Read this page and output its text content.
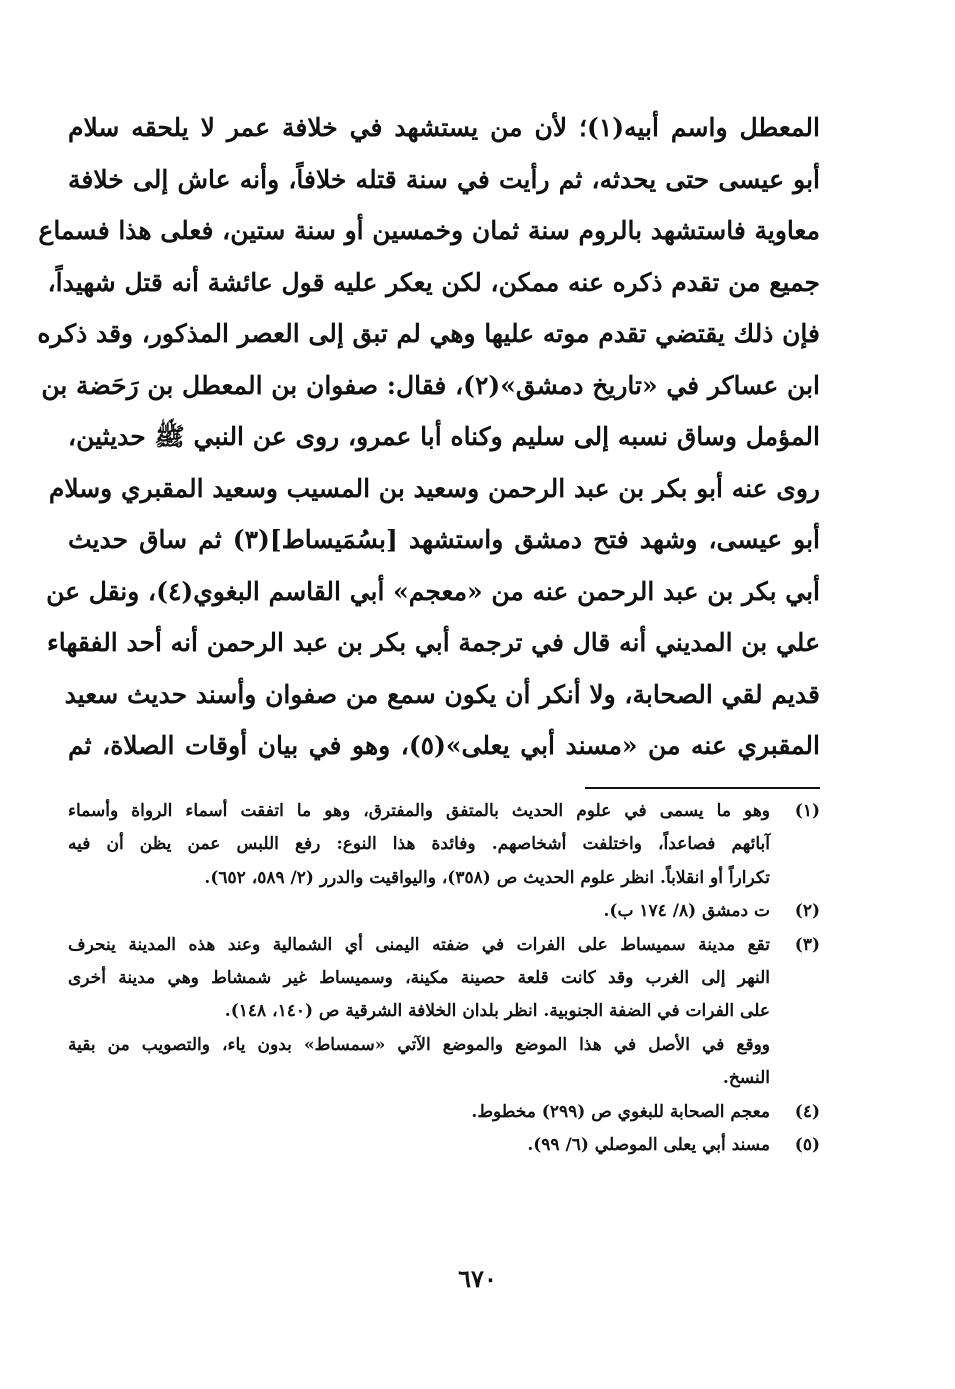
المعطل واسم أبيه(١)؛ لأن من يستشهد في خلافة عمر لا يلحقه سلام
أبو عيسى حتى يحدثه، ثم رأيت في سنة قتله خلافاً، وأنه عاش إلى خلافة
معاوية فاستشهد بالروم سنة ثمان وخمسين أو سنة ستين، فعلى هذا فسماع
جميع من تقدم ذكره عنه ممكن، لكن يعكر عليه قول عائشة أنه قتل شهيداً،
فإن ذلك يقتضي تقدم موته عليها وهي لم تبق إلى العصر المذكور، وقد ذكره
ابن عساكر في «تاريخ دمشق»(٢)، فقال: صفوان بن المعطل بن رَحَضة بن
المؤمل وساق نسبه إلى سليم وكناه أبا عمرو، روى عن النبي ﷺ حديثين،
روى عنه أبو بكر بن عبد الرحمن وسعيد بن المسيب وسعيد المقبري وسلام
أبو عيسى، وشهد فتح دمشق واستشهد [بسُمَيساط](٣) ثم ساق حديث
أبي بكر بن عبد الرحمن عنه من «معجم» أبي القاسم البغوي(٤)، ونقل عن
علي بن المديني أنه قال في ترجمة أبي بكر بن عبد الرحمن أنه أحد الفقهاء
قديم لقي الصحابة، ولا أنكر أن يكون سمع من صفوان وأسند حديث سعيد
المقبري عنه من «مسند أبي يعلى»(٥)، وهو في بيان أوقات الصلاة، ثم
(١)
وهو ما يسمى في علوم الحديث بالمتفق والمفترق، وهو ما اتفقت أسماء الرواة وأسماء
آبائهم فصاعداً، واختلفت أشخاصهم. وفائدة هذا النوع: رفع اللبس عمن يظن أن فيه
تكراراً أو انقلاباً. انظر علوم الحديث ص (٣٥٨)، واليواقيت والدرر (٢/ ٥٨٩، ٦٥٢).
(٢)
ت دمشق (٨/ ١٧٤ ب).
(٣)
تقع مدينة سميساط على الفرات في ضفته اليمنى أي الشمالية وعند هذه المدينة ينحرف
النهر إلى الغرب وقد كانت قلعة حصينة مكينة، وسميساط غير شمشاط وهي مدينة أخرى
على الفرات في الضفة الجنوبية. انظر بلدان الخلافة الشرقية ص (١٤٠، ١٤٨).
ووقع في الأصل في هذا الموضع والموضع الآتي «سمساط» بدون ياء، والتصويب من بقية
النسخ.
(٤)
معجم الصحابة للبغوي ص (٢٩٩) مخطوط.
(٥)
مسند أبي يعلى الموصلي (٦/ ٩٩).
٦٧٠
